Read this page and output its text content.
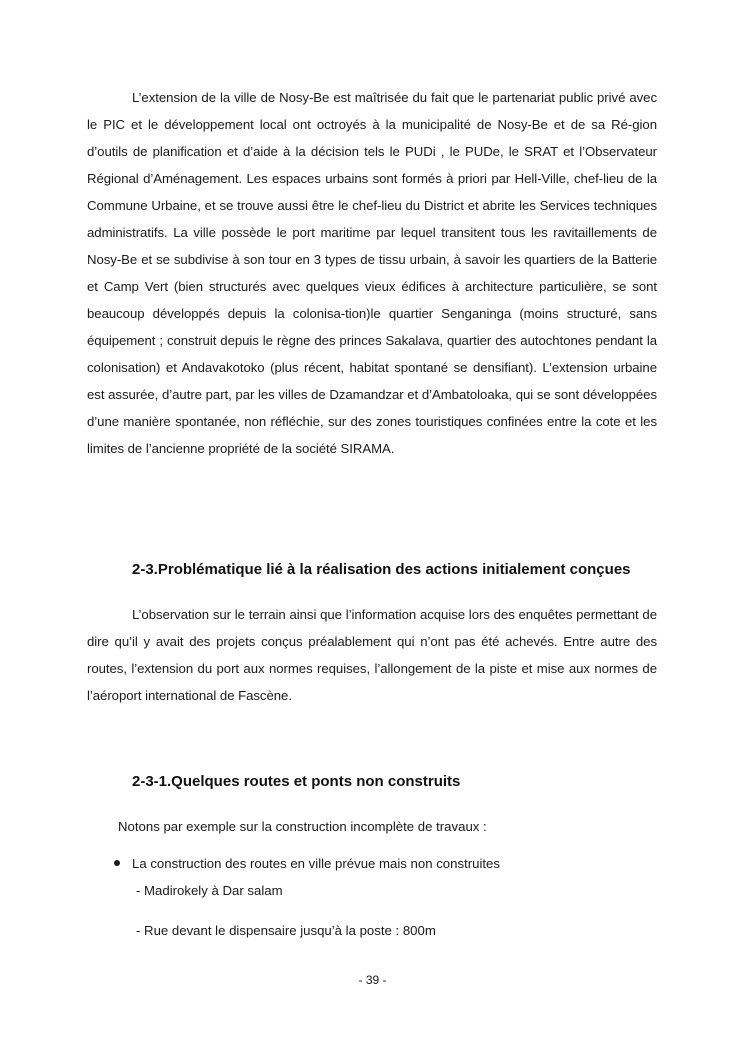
L’extension de la ville de Nosy-Be est maîtrisée du fait que le partenariat public privé avec le PIC et le développement local ont octroyés à la municipalité de Nosy-Be et de sa Ré-gion d’outils de planification et d’aide à la décision tels le PUDi , le PUDe, le SRAT et l’Observateur Régional d’Aménagement. Les espaces urbains sont formés à priori par Hell-Ville, chef-lieu de la Commune Urbaine, et se trouve aussi être le chef-lieu du District et abrite les Services techniques administratifs. La ville possède le port maritime par lequel transitent tous les ravitaillements de Nosy-Be et se subdivise à son tour en 3 types de tissu urbain, à savoir les quartiers de la Batterie et Camp Vert (bien structurés avec quelques vieux édifices à architecture particulière, se sont beaucoup développés depuis la colonisa-tion)le quartier Senganinga (moins structuré, sans équipement ; construit depuis le règne des princes Sakalava, quartier des autochtones pendant la colonisation) et Andavakotoko (plus récent, habitat spontané se densifiant). L’extension urbaine est assurée, d’autre part, par les villes de Dzamandzar et d’Ambatoloaka, qui se sont développées d’une manière spontanée, non réfléchie, sur des zones touristiques confinées entre la cote et les limites de l’ancienne propriété de la société SIRAMA.

2-3.Problématique lié à la réalisation des actions initialement conçues

L’observation sur le terrain ainsi que l’information acquise lors des enquêtes permettant de dire qu’il y avait des projets conçus préalablement qui n’ont pas été achevés. Entre autre des routes, l’extension du port aux normes requises, l’allongement de la piste et mise aux normes de l’aéroport international de Fascène.

2-3-1.Quelques routes et ponts non construits
Notons par exemple sur la construction incomplète de travaux :
La construction des routes en ville prévue mais non construites
- Madirokely à Dar salam
- Rue devant le dispensaire jusqu’à la poste : 800m
- 39 -
